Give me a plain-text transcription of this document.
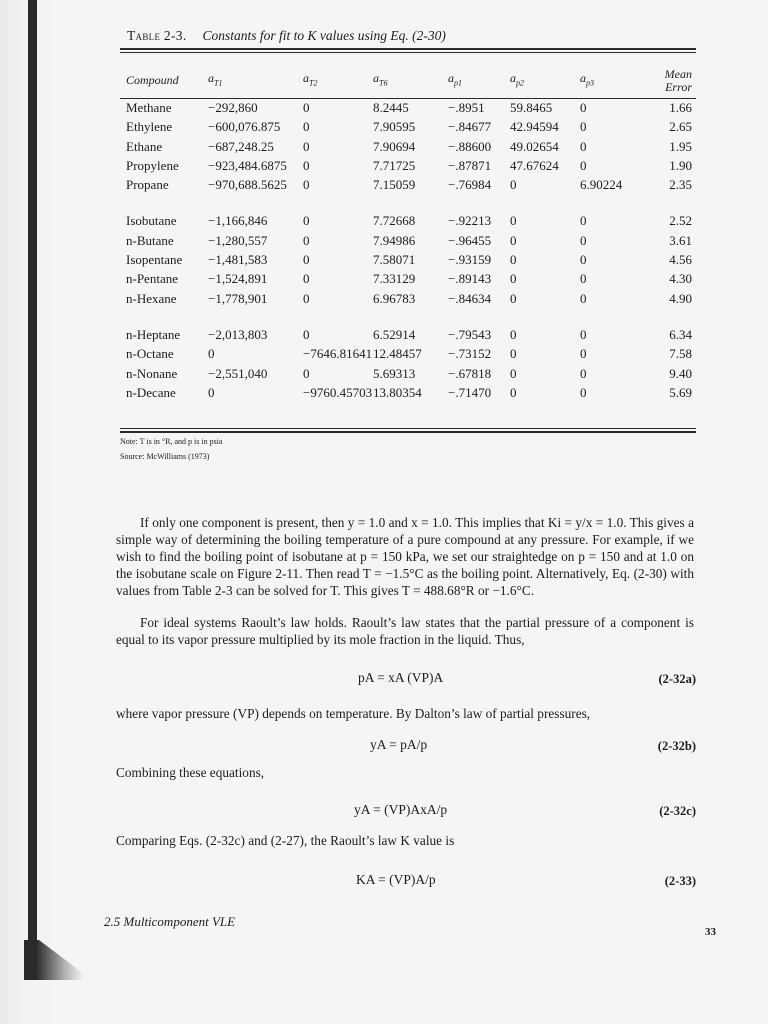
Table 2-3. Constants for fit to K values using Eq. (2-30)
Compound	$a_{T1}$	$a_{T2}$	$a_{T6}$	$a_{p1}$	$a_{p2}$	$a_{p3}$	Mean
Error
Methane	−292,860	0	8.2445	−.8951	59.8465	0	1.66
Ethylene	−600,076.875	0	7.90595	−.84677	42.94594	0	2.65
Ethane	−687,248.25	0	7.90694	−.88600	49.02654	0	1.95
Propylene	−923,484.6875	0	7.71725	−.87871	47.67624	0	1.90
Propane	−970,688.5625	0	7.15059	−.76984	0	6.90224	2.35

Isobutane	−1,166,846	0	7.72668	−.92213	0	0	2.52
n-Butane	−1,280,557	0	7.94986	−.96455	0	0	3.61
Isopentane	−1,481,583	0	7.58071	−.93159	0	0	4.56
n-Pentane	−1,524,891	0	7.33129	−.89143	0	0	4.30
n-Hexane	−1,778,901	0	6.96783	−.84634	0	0	4.90

n-Heptane	−2,013,803	0	6.52914	−.79543	0	0	6.34
n-Octane	0	−7646.81641	12.48457	−.73152	0	0	7.58
n-Nonane	−2,551,040	0	5.69313	−.67818	0	0	9.40
n-Decane	0	−9760.45703	13.80354	−.71470	0	0	5.69
Note: T is in °R, and p is in psia
Source: McWilliams (1973)
If only one component is present, then y = 1.0 and x = 1.0. This implies that Ki = y/x = 1.0. This gives a simple way of determining the boiling temperature of a pure compound at any pressure. For example, if we wish to find the boiling point of isobutane at p = 150 kPa, we set our straightedge on p = 150 and at 1.0 on the isobutane scale on Figure 2-11. Then read T = −1.5°C as the boiling point. Alternatively, Eq. (2-30) with values from Table 2-3 can be solved for T. This gives T = 488.68°R or −1.6°C.
For ideal systems Raoult’s law holds. Raoult’s law states that the partial pressure of a component is equal to its vapor pressure multiplied by its mole fraction in the liquid. Thus,
pA = xA (VP)A	(2-32a)
where vapor pressure (VP) depends on temperature. By Dalton’s law of partial pressures,
yA = pA/p	(2-32b)
Combining these equations,
yA = (VP)AxA/p	(2-32c)
Comparing Eqs. (2-32c) and (2-27), the Raoult’s law K value is
KA = (VP)A/p	(2-33)
2.5 Multicomponent VLE
33
